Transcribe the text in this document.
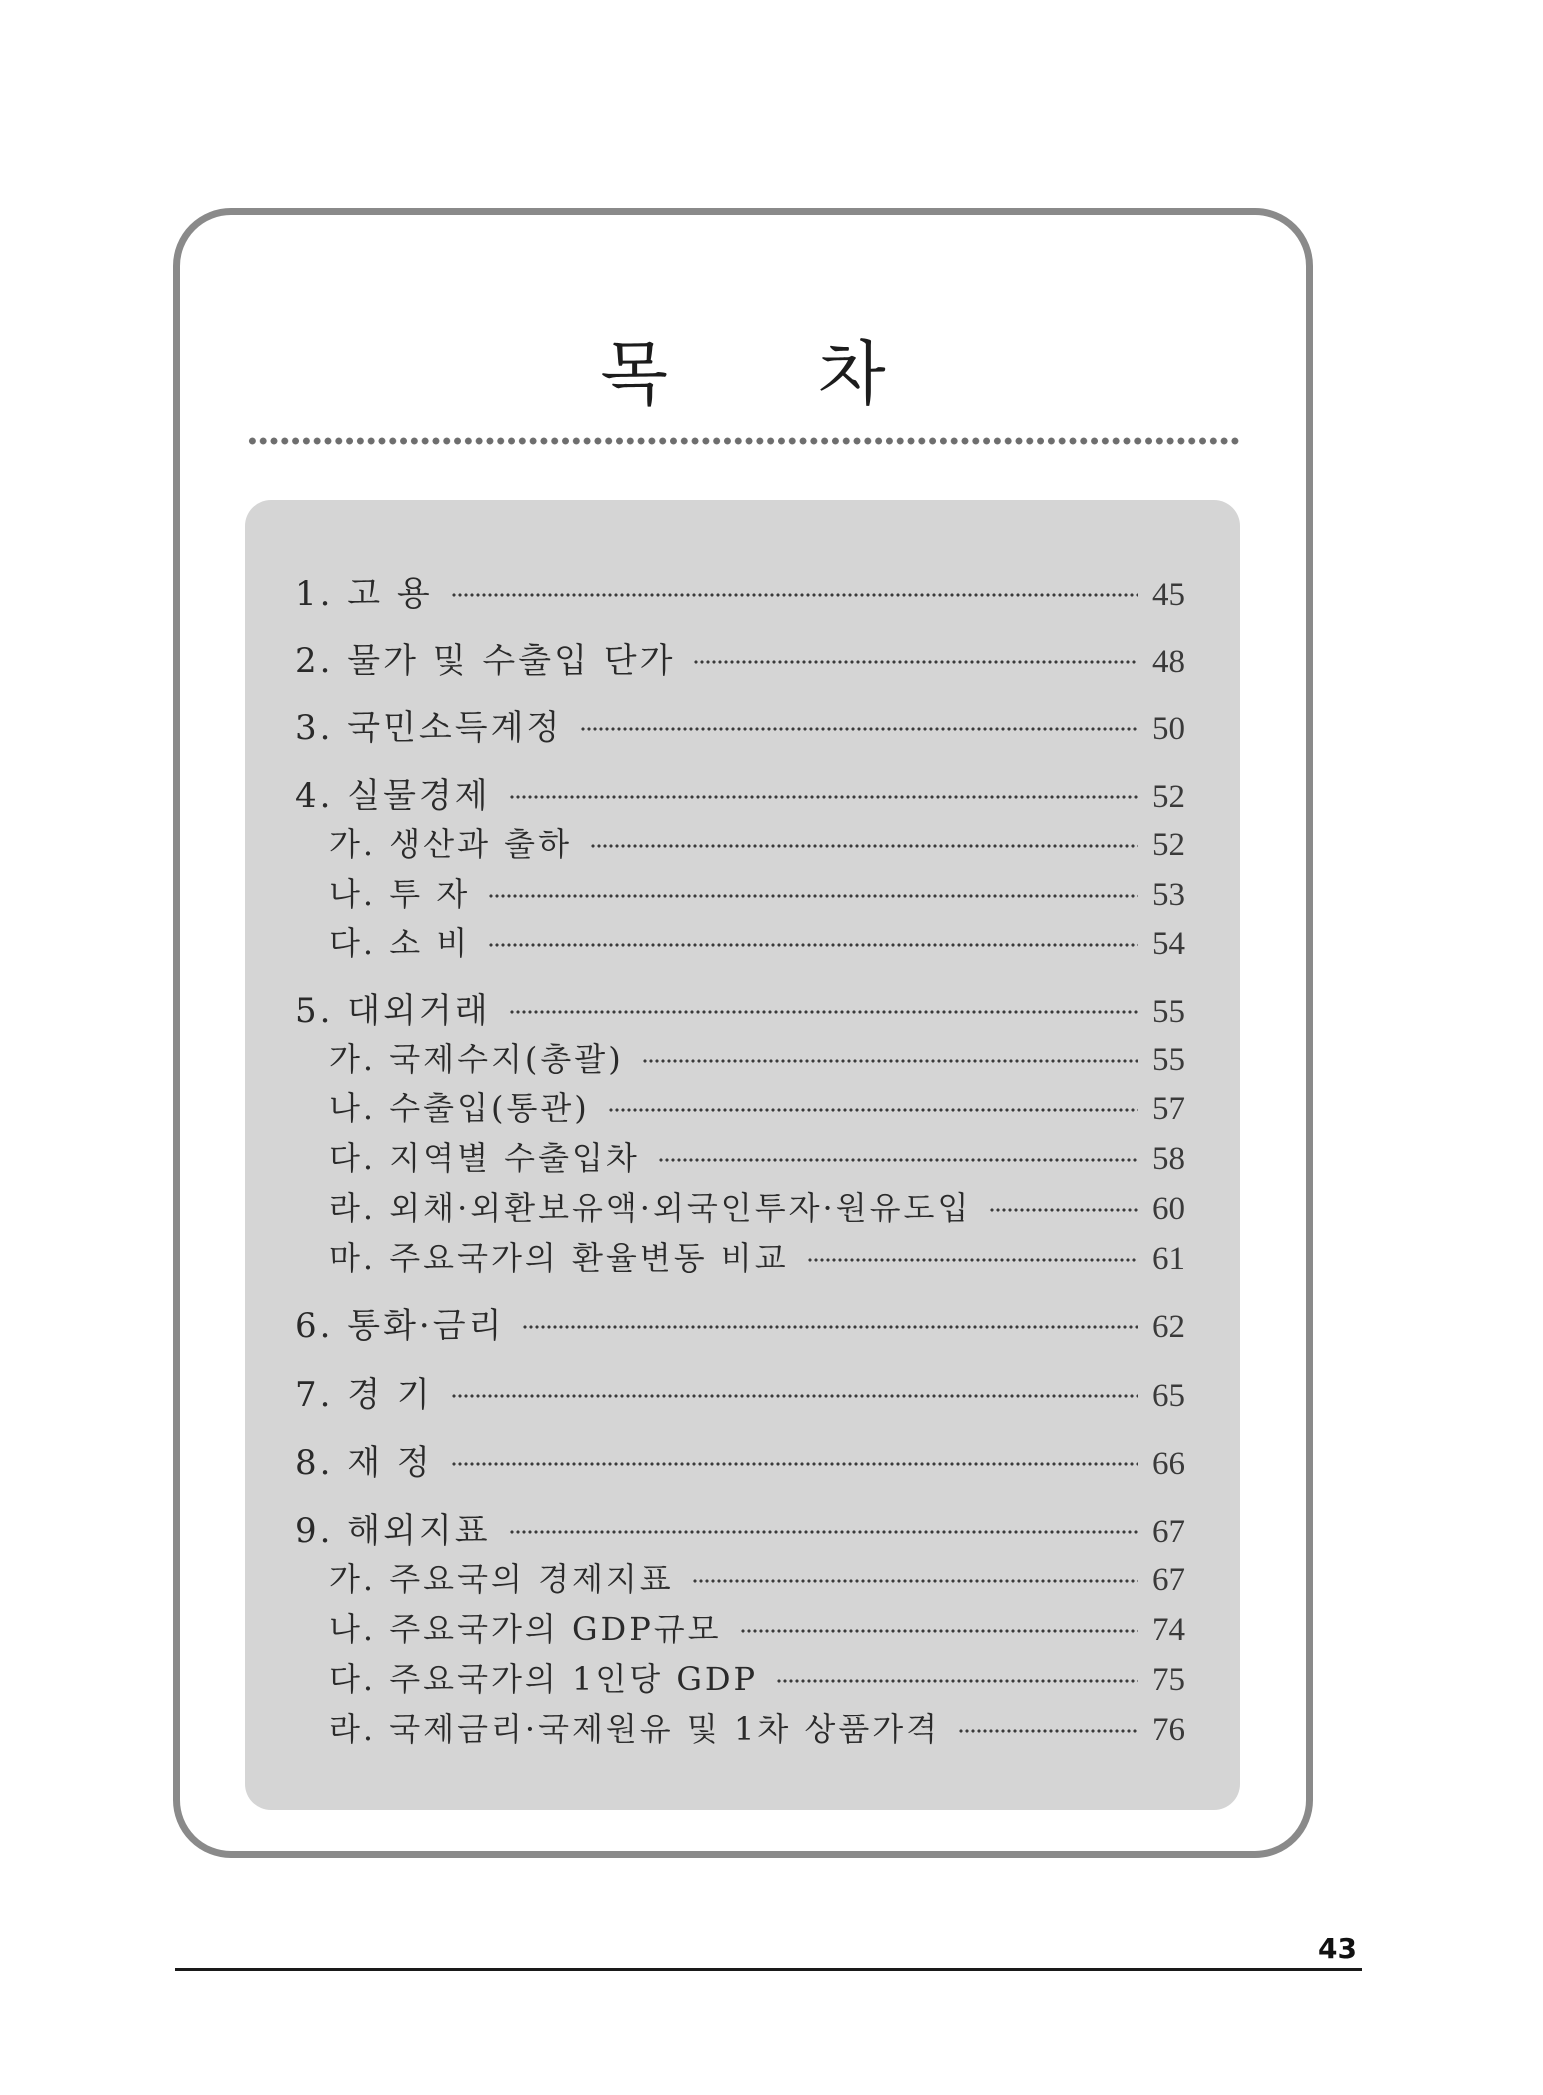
목 차
1. 고 용	45
2. 물가 및 수출입 단가	48
3. 국민소득계정	50
4. 실물경제	52
가. 생산과 출하	52
나. 투 자	53
다. 소 비	54
5. 대외거래	55
가. 국제수지(총괄)	55
나. 수출입(통관)	57
다. 지역별 수출입차	58
라. 외채·외환보유액·외국인투자·원유도입	60
마. 주요국가의 환율변동 비교	61
6. 통화·금리	62
7. 경 기	65
8. 재 정	66
9. 해외지표	67
가. 주요국의 경제지표	67
나. 주요국가의 GDP규모	74
다. 주요국가의 1인당 GDP	75
라. 국제금리·국제원유 및 1차 상품가격	76
43
